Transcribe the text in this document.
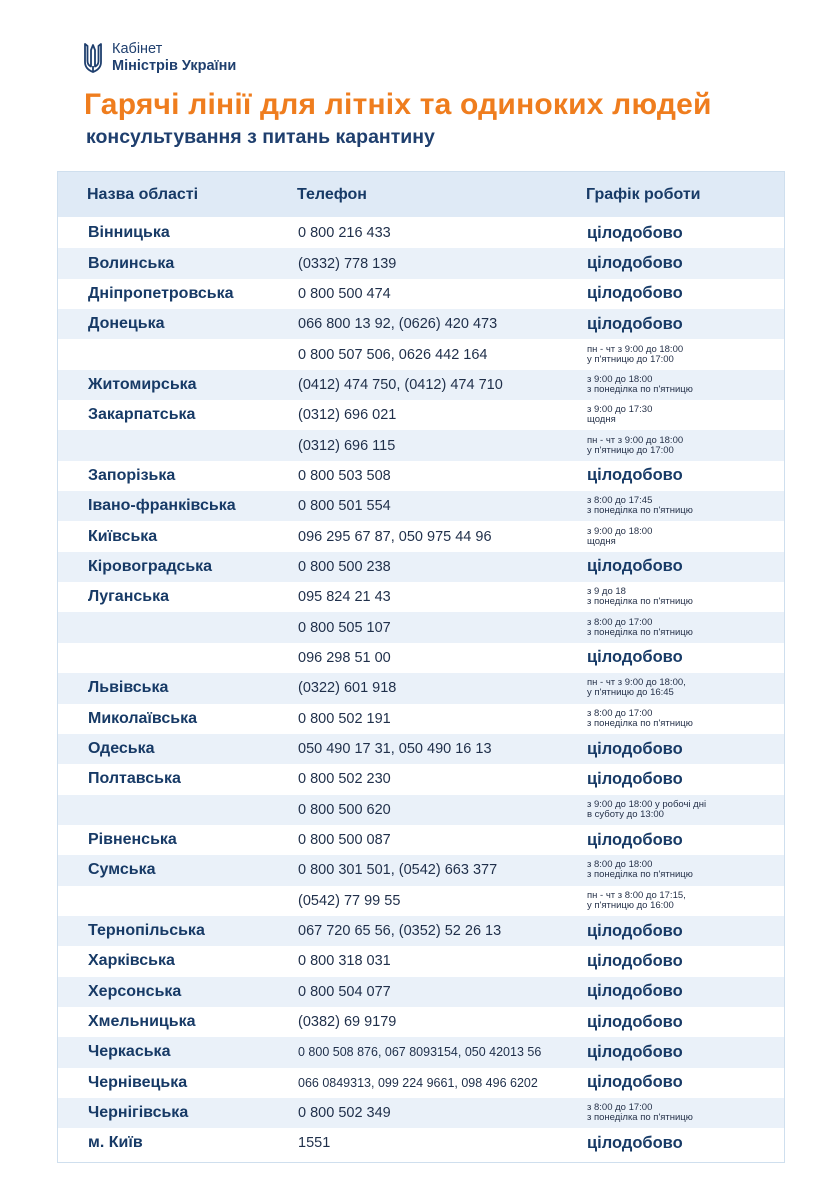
Кабінет
Міністрів України
Гарячі лінії для літніх та одиноких людей
консультування з питань карантину
Назва області	Телефон	Графік роботи
Вінницька	0 800 216 433	цілодобово
Волинська	(0332) 778 139	цілодобово
Дніпропетровська	0 800 500 474	цілодобово
Донецька	066 800 13 92, (0626) 420 473	цілодобово
0 800 507 506, 0626 442 164	пн - чт з 9:00 до 18:00
у п'ятницю до 17:00
Житомирська	(0412) 474 750, (0412) 474 710	з 9:00 до 18:00
з понеділка по п'ятницю
Закарпатська	(0312) 696 021	з 9:00 до 17:30
щодня
(0312) 696 115	пн - чт з 9:00 до 18:00
у п'ятницю до 17:00
Запорізька	0 800 503 508	цілодобово
Івано-франківська	0 800 501 554	з 8:00 до 17:45
з понеділка по п'ятницю
Київська	096 295 67 87, 050 975 44 96	з 9:00 до 18:00
щодня
Кіровоградська	0 800 500 238	цілодобово
Луганська	095 824 21 43	з 9 до 18
з понеділка по п'ятницю
0 800 505 107	з 8:00 до 17:00
з понеділка по п'ятницю
096 298 51 00	цілодобово
Львівська	(0322) 601 918	пн - чт з 9:00 до 18:00,
у п'ятницю до 16:45
Миколаївська	0 800 502 191	з 8:00 до 17:00
з понеділка по п'ятницю
Одеська	050 490 17 31, 050 490 16 13	цілодобово
Полтавська	0 800 502 230	цілодобово
0 800 500 620	з 9:00 до 18:00 у робочі дні
в суботу до 13:00
Рівненська	0 800 500 087	цілодобово
Сумська	0 800 301 501, (0542) 663 377	з 8:00 до 18:00
з понеділка по п'ятницю
(0542) 77 99 55	пн - чт з 8:00 до 17:15,
у п'ятницю до 16:00
Тернопільська	067 720 65 56, (0352) 52 26 13	цілодобово
Харківська	0 800 318 031	цілодобово
Херсонська	0 800 504 077	цілодобово
Хмельницька	(0382) 69 9179	цілодобово
Черкаська	0 800 508 876, 067 8093154, 050 42013 56	цілодобово
Чернівецька	066 0849313, 099 224 9661, 098 496 6202	цілодобово
Чернігівська	0 800 502 349	з 8:00 до 17:00
з понеділка по п'ятницю
м. Київ	1551	цілодобово
